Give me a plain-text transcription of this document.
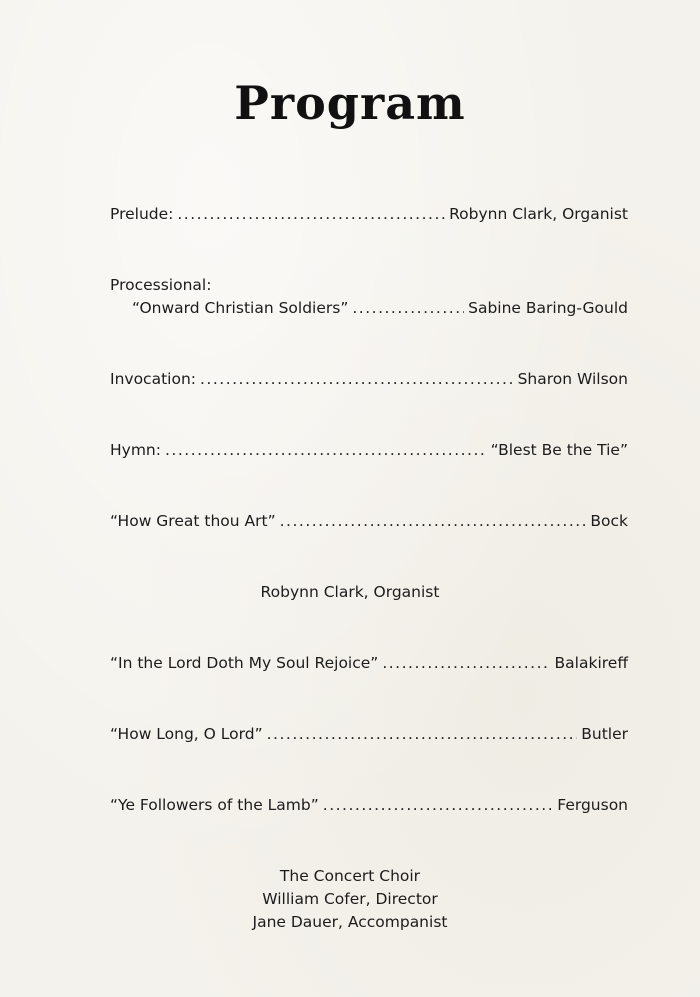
Program
Prelude: .....	Robynn Clark, Organist
Processional:
“Onward Christian Soldiers” .....	Sabine Baring-Gould
Invocation: .....	Sharon Wilson
Hymn: .....	“Blest Be the Tie”
“How Great thou Art” .....	Bock
Robynn Clark, Organist
“In the Lord Doth My Soul Rejoice” .....	Balakireff
“How Long, O Lord” .....	Butler
“Ye Followers of the Lamb” .....	Ferguson
The Concert Choir
William Cofer, Director
Jane Dauer, Accompanist
